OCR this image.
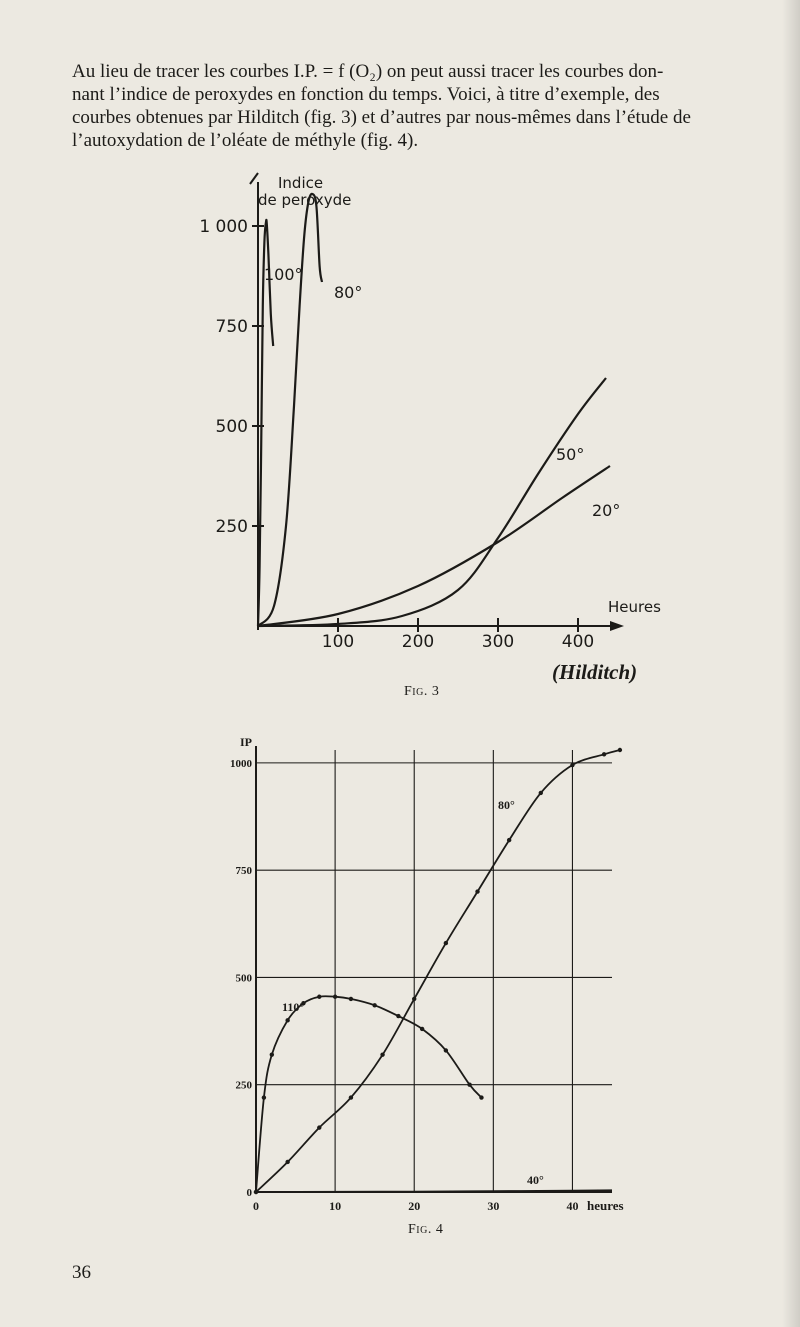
Au lieu de tracer les courbes I.P. = f (O₂) on peut aussi tracer les courbes don-
nant l’indice de peroxydes en fonction du temps. Voici, à titre d’exemple, des
courbes obtenues par Hilditch (fig. 3) et d’autres par nous-mêmes dans l’étude de
l’autoxydation de l’oléate de méthyle (fig. 4).
Indice
de peroxyde
Heures
250
500
750
1 000
100	200	300	400
100°
80°
50°
20°
Fig. 3
(Hilditch)
IP
heures
0
250
500
750
1000
0	10	20	30	40
110°
80°
40°
Fig. 4
36
